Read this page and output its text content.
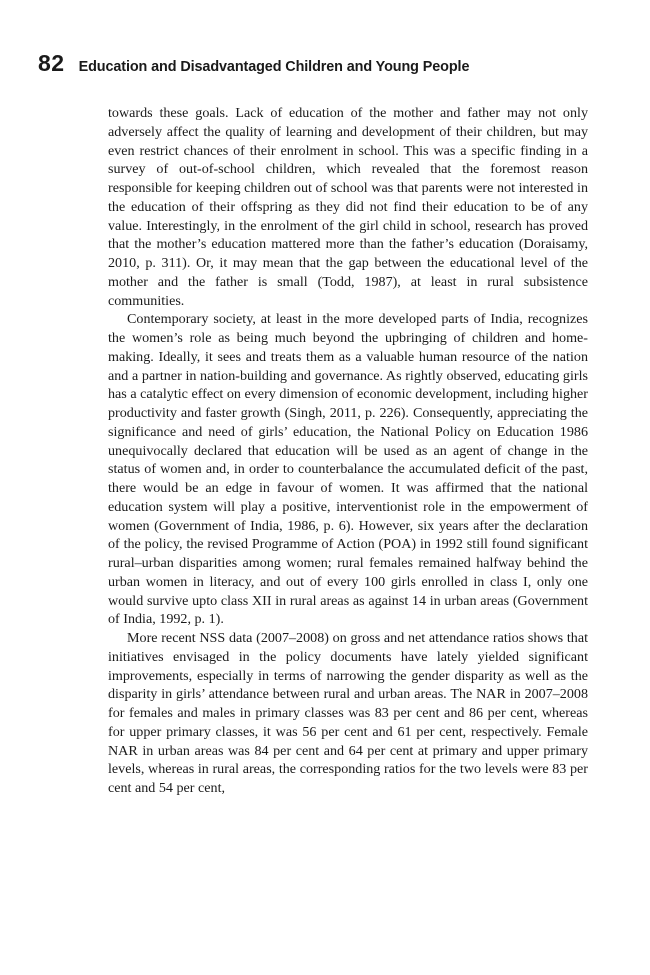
82 Education and Disadvantaged Children and Young People

towards these goals. Lack of education of the mother and father may not only adversely affect the quality of learning and development of their children, but may even restrict chances of their enrolment in school. This was a specific finding in a survey of out-of-school children, which revealed that the foremost reason responsible for keeping children out of school was that parents were not interested in the education of their offspring as they did not find their education to be of any value. Interestingly, in the enrolment of the girl child in school, research has proved that the mother’s education mattered more than the father’s education (Doraisamy, 2010, p. 311). Or, it may mean that the gap between the educational level of the mother and the father is small (Todd, 1987), at least in rural subsistence communities.

Contemporary society, at least in the more developed parts of India, recognizes the women’s role as being much beyond the upbringing of children and home-making. Ideally, it sees and treats them as a valuable human resource of the nation and a partner in nation-building and governance. As rightly observed, educating girls has a catalytic effect on every dimension of economic development, including higher productivity and faster growth (Singh, 2011, p. 226). Consequently, appreciating the significance and need of girls’ education, the National Policy on Education 1986 unequivocally declared that education will be used as an agent of change in the status of women and, in order to counterbalance the accumulated deficit of the past, there would be an edge in favour of women. It was affirmed that the national education system will play a positive, interventionist role in the empowerment of women (Government of India, 1986, p. 6). However, six years after the declaration of the policy, the revised Programme of Action (POA) in 1992 still found significant rural–urban disparities among women; rural females remained halfway behind the urban women in literacy, and out of every 100 girls enrolled in class I, only one would survive upto class XII in rural areas as against 14 in urban areas (Government of India, 1992, p. 1).

More recent NSS data (2007–2008) on gross and net attendance ratios shows that initiatives envisaged in the policy documents have lately yielded significant improvements, especially in terms of narrowing the gender disparity as well as the disparity in girls’ attendance between rural and urban areas. The NAR in 2007–2008 for females and males in primary classes was 83 per cent and 86 per cent, whereas for upper primary classes, it was 56 per cent and 61 per cent, respectively. Female NAR in urban areas was 84 per cent and 64 per cent at primary and upper primary levels, whereas in rural areas, the corresponding ratios for the two levels were 83 per cent and 54 per cent,
